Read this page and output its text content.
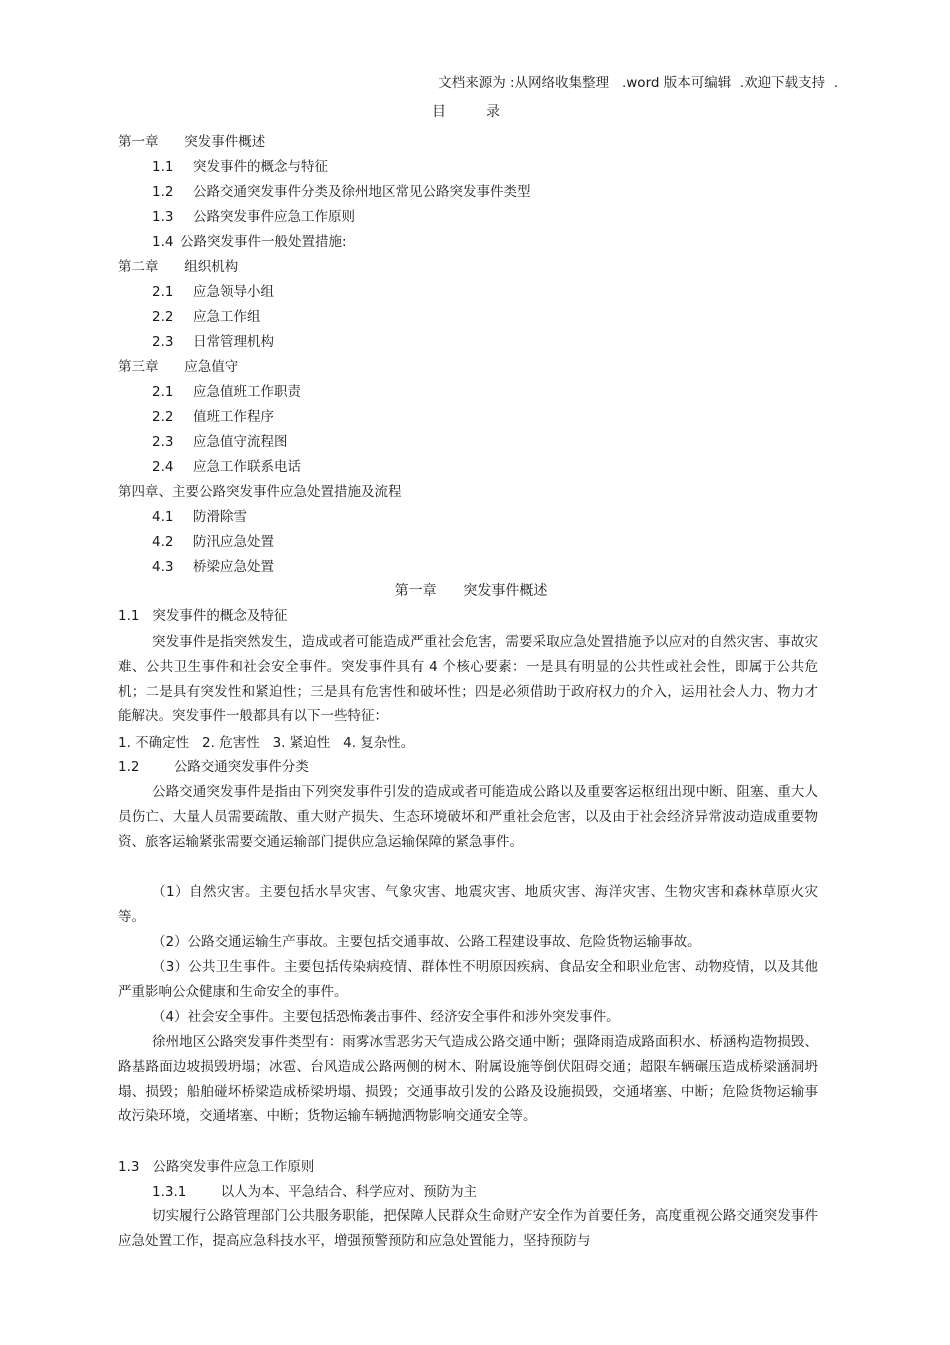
文档来源为 :从网络收集整理   .word 版本可编辑  .欢迎下载支持  .
目录
第一章      突发事件概述
1.1 突发事件的概念与特征
1.2 公路交通突发事件分类及徐州地区常见公路突发事件类型
1.3 公路突发事件应急工作原则
1.4 公路突发事件一般处置措施:
第二章      组织机构
2.1 应急领导小组
2.2 应急工作组
2.3 日常管理机构
第三章      应急值守
2.1 应急值班工作职责
2.2 值班工作程序
2.3 应急值守流程图
2.4 应急工作联系电话
第四章、主要公路突发事件应急处置措施及流程
4.1 防滑除雪
4.2 防汛应急处置
4.3 桥梁应急处置
第一章      突发事件概述
1.1   突发事件的概念及特征
突发事件是指突然发生，造成或者可能造成严重社会危害，需要采取应急处置措施予以应对的自然灾害、事故灾难、公共卫生事件和社会安全事件。突发事件具有 4 个核心要素：一是具有明显的公共性或社会性，即属于公共危机；二是具有突发性和紧迫性；三是具有危害性和破坏性；四是必须借助于政府权力的介入，运用社会人力、物力才能解决。突发事件一般都具有以下一些特征：
1. 不确定性   2. 危害性   3. 紧迫性   4. 复杂性。
1.2        公路交通突发事件分类
公路交通突发事件是指由下列突发事件引发的造成或者可能造成公路以及重要客运枢纽出现中断、阻塞、重大人员伤亡、大量人员需要疏散、重大财产损失、生态环境破坏和严重社会危害，以及由于社会经济异常波动造成重要物资、旅客运输紧张需要交通运输部门提供应急运输保障的紧急事件。
（1）自然灾害。主要包括水旱灾害、气象灾害、地震灾害、地质灾害、海洋灾害、生物灾害和森林草原火灾等。
（2）公路交通运输生产事故。主要包括交通事故、公路工程建设事故、危险货物运输事故。
（3）公共卫生事件。主要包括传染病疫情、群体性不明原因疾病、食品安全和职业危害、动物疫情，以及其他严重影响公众健康和生命安全的事件。
（4）社会安全事件。主要包括恐怖袭击事件、经济安全事件和涉外突发事件。
徐州地区公路突发事件类型有：雨雾冰雪恶劣天气造成公路交通中断；强降雨造成路面积水、桥涵构造物损毁、路基路面边坡损毁坍塌；冰雹、台风造成公路两侧的树木、附属设施等倒伏阻碍交通；超限车辆碾压造成桥梁涵洞坍塌、损毁；船舶碰坏桥梁造成桥梁坍塌、损毁；交通事故引发的公路及设施损毁，交通堵塞、中断；危险货物运输事故污染环境，交通堵塞、中断；货物运输车辆抛洒物影响交通安全等。
1.3   公路突发事件应急工作原则
1.3.1        以人为本、平急结合、科学应对、预防为主
切实履行公路管理部门公共服务职能，把保障人民群众生命财产安全作为首要任务，高度重视公路交通突发事件应急处置工作，提高应急科技水平，增强预警预防和应急处置能力，坚持预防与
